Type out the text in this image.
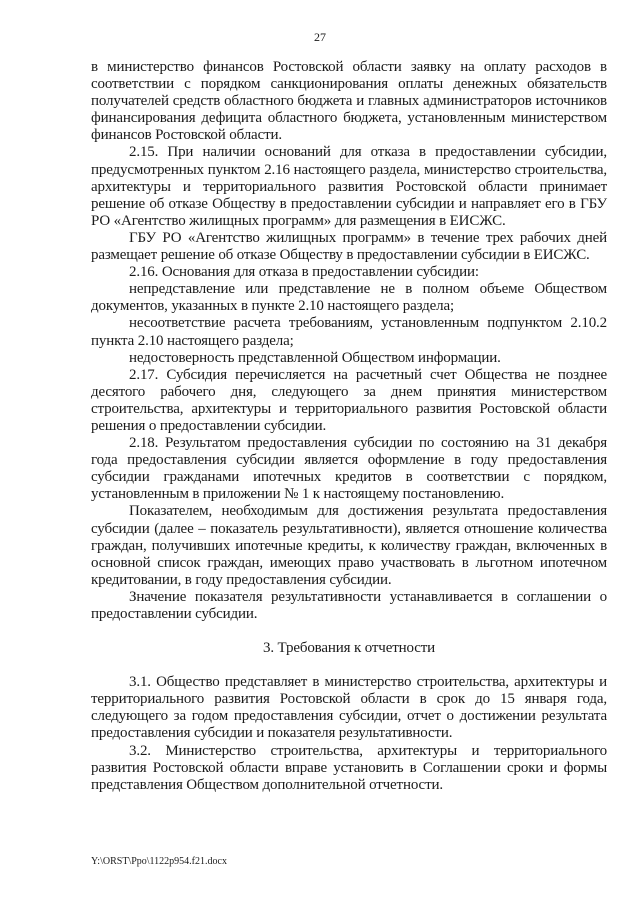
27

в министерство финансов Ростовской области заявку на оплату расходов в соответствии с порядком санкционирования оплаты денежных обязательств получателей средств областного бюджета и главных администраторов источников финансирования дефицита областного бюджета, установленным министерством финансов Ростовской области.

2.15. При наличии оснований для отказа в предоставлении субсидии, предусмотренных пунктом 2.16 настоящего раздела, министерство строительства, архитектуры и территориального развития Ростовской области принимает решение об отказе Обществу в предоставлении субсидии и направляет его в ГБУ РО «Агентство жилищных программ» для размещения в ЕИСЖС.

ГБУ РО «Агентство жилищных программ» в течение трех рабочих дней размещает решение об отказе Обществу в предоставлении субсидии в ЕИСЖС.

2.16. Основания для отказа в предоставлении субсидии:

непредставление или представление не в полном объеме Обществом документов, указанных в пункте 2.10 настоящего раздела;

несоответствие расчета требованиям, установленным подпунктом 2.10.2 пункта 2.10 настоящего раздела;

недостоверность представленной Обществом информации.

2.17. Субсидия перечисляется на расчетный счет Общества не позднее десятого рабочего дня, следующего за днем принятия министерством строительства, архитектуры и территориального развития Ростовской области решения о предоставлении субсидии.

2.18. Результатом предоставления субсидии по состоянию на 31 декабря года предоставления субсидии является оформление в году предоставления субсидии гражданами ипотечных кредитов в соответствии с порядком, установленным в приложении № 1 к настоящему постановлению.

Показателем, необходимым для достижения результата предоставления субсидии (далее – показатель результативности), является отношение количества граждан, получивших ипотечные кредиты, к количеству граждан, включенных в основной список граждан, имеющих право участвовать в льготном ипотечном кредитовании, в году предоставления субсидии.

Значение показателя результативности устанавливается в соглашении о предоставлении субсидии.

3. Требования к отчетности

3.1. Общество представляет в министерство строительства, архитектуры и территориального развития Ростовской области в срок до 15 января года, следующего за годом предоставления субсидии, отчет о достижении результата предоставления субсидии и показателя результативности.

3.2. Министерство строительства, архитектуры и территориального развития Ростовской области вправе установить в Соглашении сроки и формы представления Обществом дополнительной отчетности.

Y:\ORST\Ppo\1122p954.f21.docx
